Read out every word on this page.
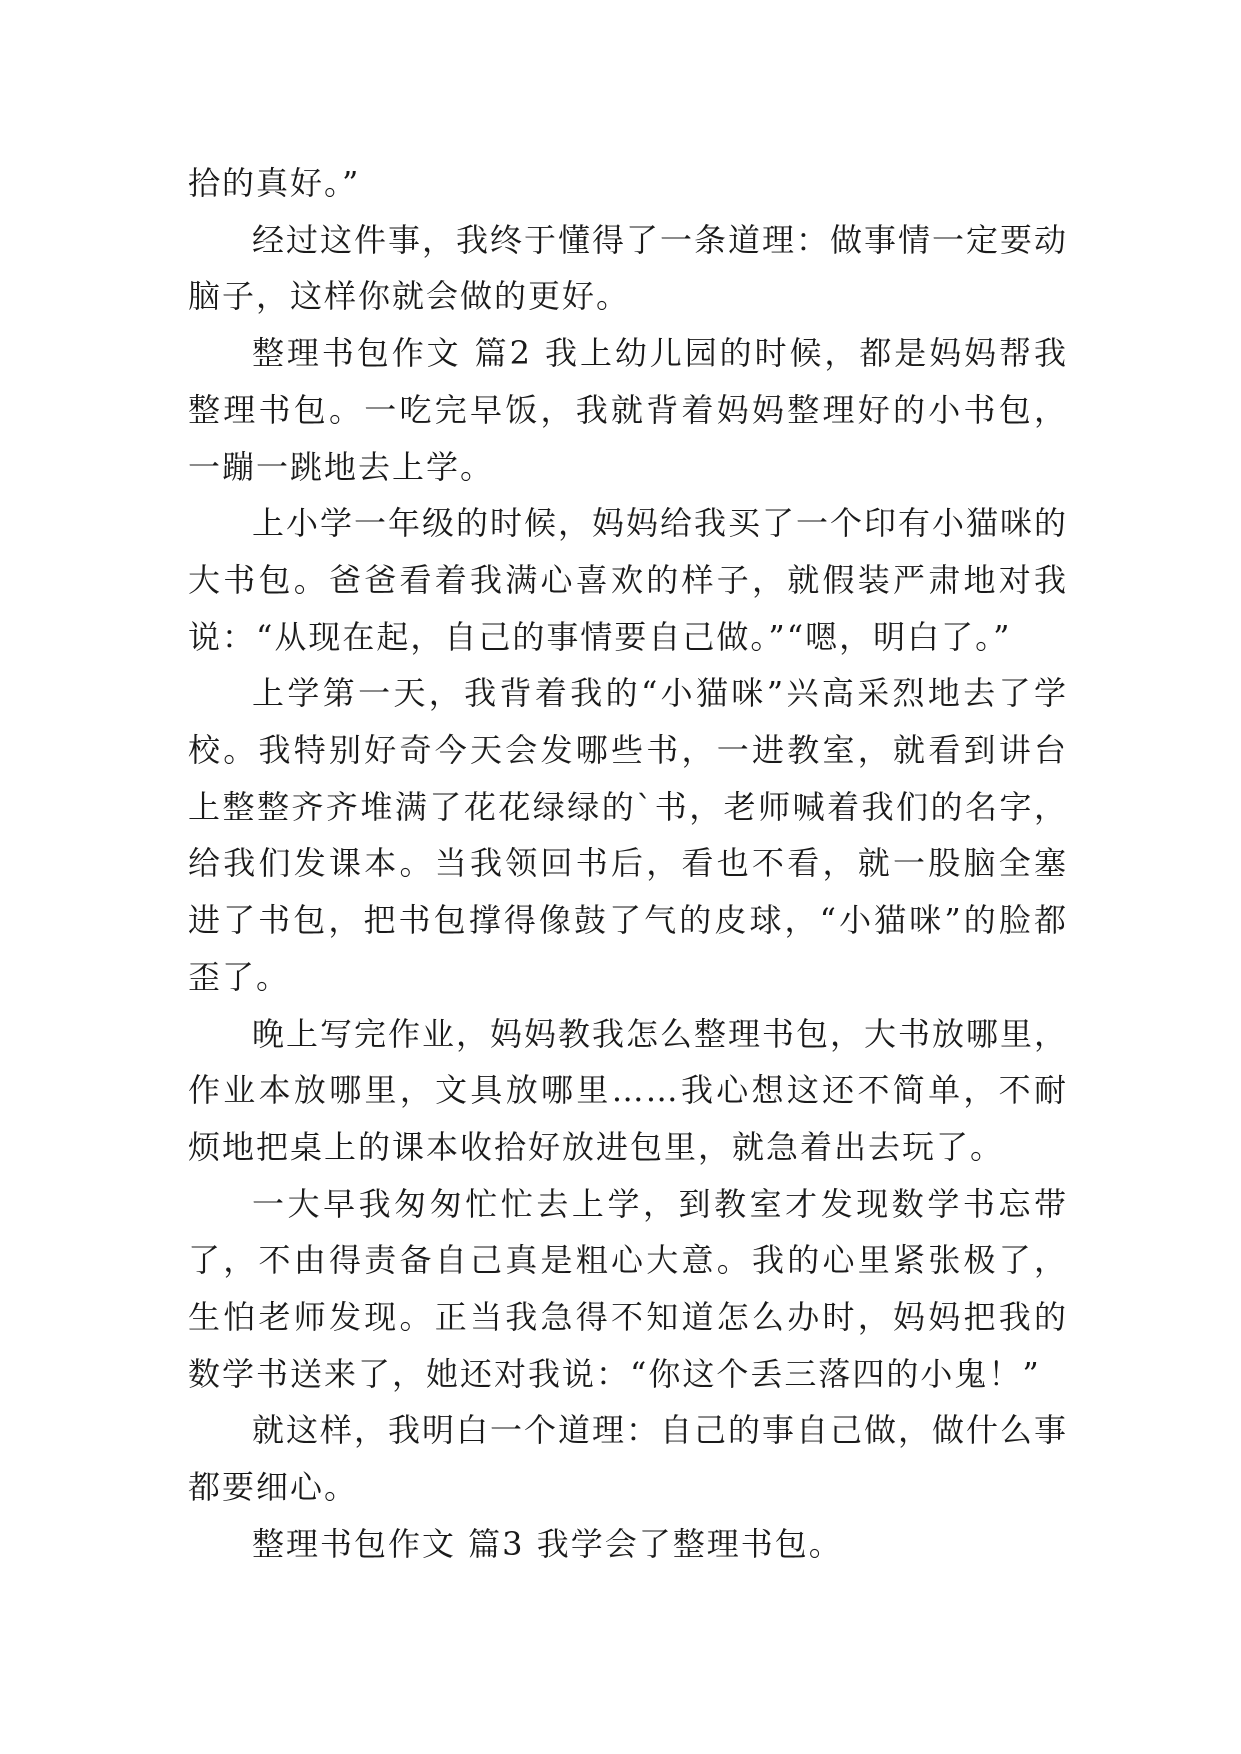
拾的真好。”

经过这件事，我终于懂得了一条道理：做事情一定要动脑子，这样你就会做的更好。

整理书包作文 篇2 我上幼儿园的时候，都是妈妈帮我整理书包。一吃完早饭，我就背着妈妈整理好的小书包，一蹦一跳地去上学。

上小学一年级的时候，妈妈给我买了一个印有小猫咪的大书包。爸爸看着我满心喜欢的样子，就假装严肃地对我说：“从现在起，自己的事情要自己做。”“嗯，明白了。”

上学第一天，我背着我的“小猫咪”兴高采烈地去了学校。我特别好奇今天会发哪些书，一进教室，就看到讲台上整整齐齐堆满了花花绿绿的`书，老师喊着我们的名字，给我们发课本。当我领回书后，看也不看，就一股脑全塞进了书包，把书包撑得像鼓了气的皮球，“小猫咪”的脸都歪了。

晚上写完作业，妈妈教我怎么整理书包，大书放哪里，作业本放哪里，文具放哪里……我心想这还不简单，不耐烦地把桌上的课本收拾好放进包里，就急着出去玩了。

一大早我匆匆忙忙去上学，到教室才发现数学书忘带了，不由得责备自己真是粗心大意。我的心里紧张极了，生怕老师发现。正当我急得不知道怎么办时，妈妈把我的数学书送来了，她还对我说：“你这个丢三落四的小鬼！”

就这样，我明白一个道理：自己的事自己做，做什么事都要细心。

整理书包作文 篇3 我学会了整理书包。
